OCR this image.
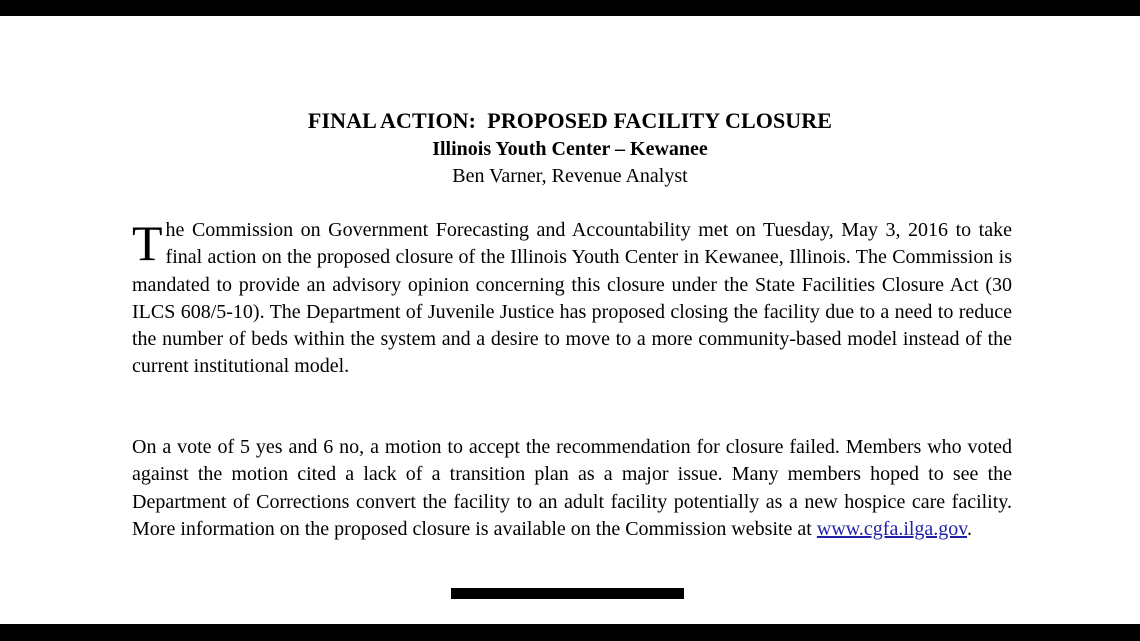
FINAL ACTION:  PROPOSED FACILITY CLOSURE
Illinois Youth Center – Kewanee
Ben Varner, Revenue Analyst

The Commission on Government Forecasting and Accountability met on Tuesday, May 3, 2016 to take final action on the proposed closure of the Illinois Youth Center in Kewanee, Illinois. The Commission is mandated to provide an advisory opinion concerning this closure under the State Facilities Closure Act (30 ILCS 608/5-10). The Department of Juvenile Justice has proposed closing the facility due to a need to reduce the number of beds within the system and a desire to move to a more community-based model instead of the current institutional model.

On a vote of 5 yes and 6 no, a motion to accept the recommendation for closure failed. Members who voted against the motion cited a lack of a transition plan as a major issue. Many members hoped to see the Department of Corrections convert the facility to an adult facility potentially as a new hospice care facility. More information on the proposed closure is available on the Commission website at www.cgfa.ilga.gov.
